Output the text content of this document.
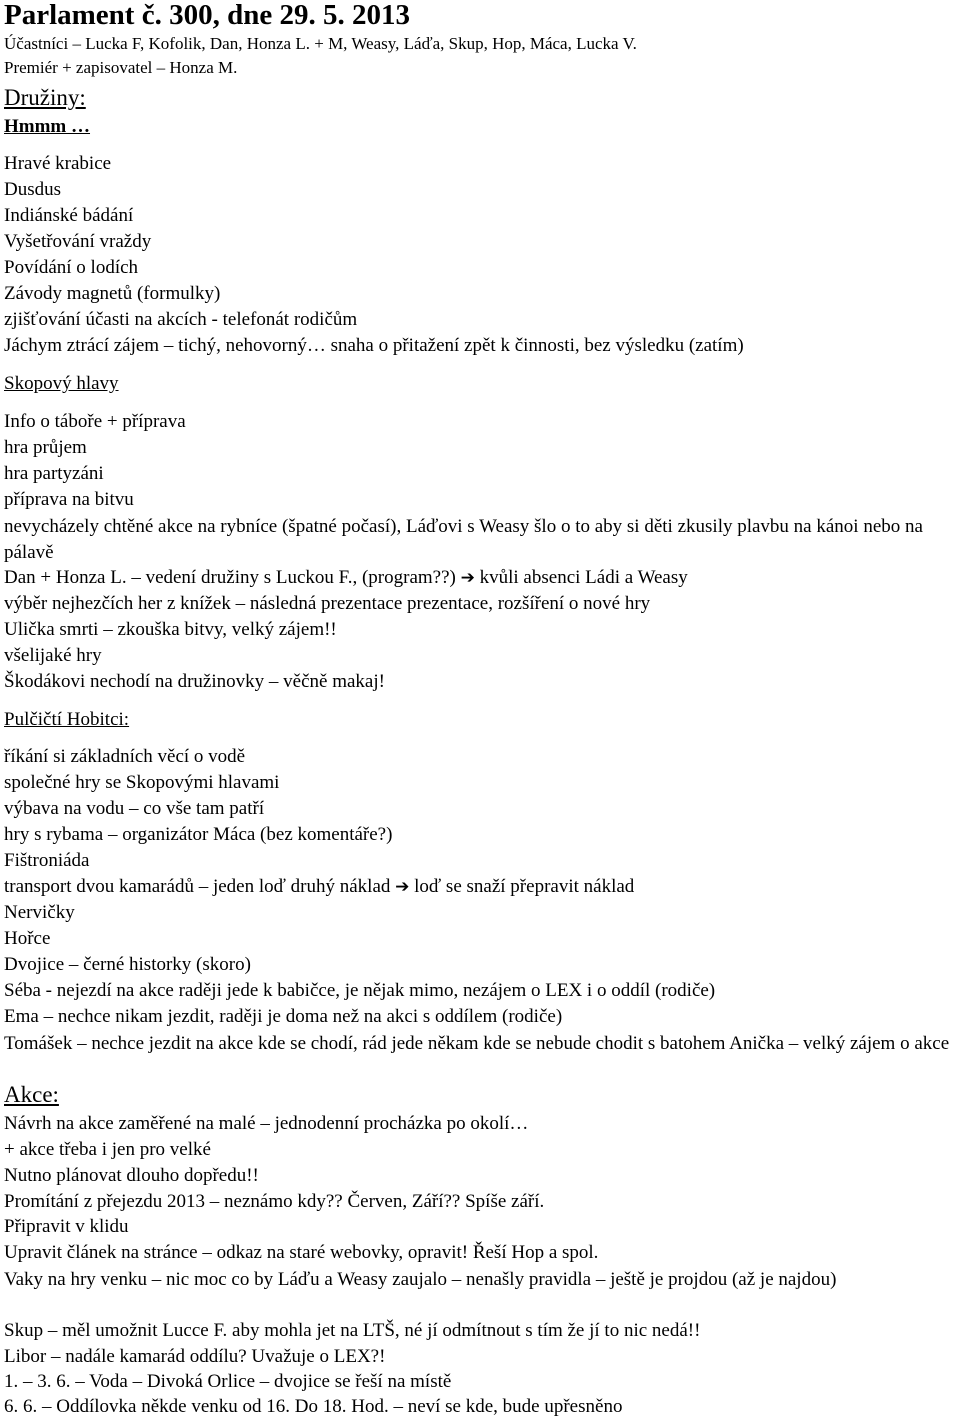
Parlament č. 300, dne 29. 5. 2013
Účastníci – Lucka F, Kofolik, Dan, Honza L. + M, Weasy, Láďa, Skup, Hop, Máca, Lucka V.
Premiér + zapisovatel – Honza M.
Družiny:
Hmmm …
Hravé krabice
Dusdus
Indiánské bádání
Vyšetřování vraždy
Povídání o lodích
Závody magnetů (formulky)
zjišťování účasti na akcích - telefonát rodičům
Jáchym ztrácí zájem – tichý, nehovorný… snaha o přitažení zpět k činnosti, bez výsledku (zatím)
Skopový hlavy
Info o táboře + příprava
hra průjem
hra partyzáni
příprava na bitvu
nevycházely chtěné akce na rybníce (špatné počasí), Láďovi s Weasy šlo o to aby si děti zkusily plavbu na kánoi nebo na pálavě
Dan + Honza L. – vedení družiny s Luckou F., (program??) ➔ kvůli absenci Ládi a Weasy
výběr nejhezčích her z knížek – následná prezentace prezentace, rozšíření o nové hry
Ulička smrti – zkouška bitvy, velký zájem!!
všelijaké hry
Škodákovi nechodí na družinovky – věčně makaj!
Pulčičtí Hobitci:
říkání si základních věcí o vodě
společné hry se Skopovými hlavami
výbava na vodu – co vše tam patří
hry s rybama – organizátor Máca (bez komentáře?)
Fištroniáda
transport dvou kamarádů – jeden loď druhý náklad ➔ loď se snaží přepravit náklad
Nervičky
Hořce
Dvojice – černé historky (skoro)
Séba - nejezdí na akce raději jede k babičce, je nějak mimo, nezájem o LEX i o oddíl (rodiče)
Ema – nechce nikam jezdit, raději je doma než na akci s oddílem (rodiče)
Tomášek – nechce jezdit na akce kde se chodí, rád jede někam kde se nebude chodit s batohem Anička – velký zájem o akce
Akce:
Návrh na akce zaměřené na malé – jednodenní procházka po okolí…
+ akce třeba i jen pro velké
Nutno plánovat dlouho dopředu!!
Promítání z přejezdu 2013 – neznámo kdy?? Červen, Září?? Spíše září.
Připravit v klidu
Upravit článek na stránce – odkaz na staré webovky, opravit! Řeší Hop a spol.
Vaky na hry venku – nic moc co by Láďu a Weasy zaujalo – nenašly pravidla – ještě je projdou (až je najdou)
Skup – měl umožnit Lucce F. aby mohla jet na LTŠ, né jí odmítnout s tím že jí to nic nedá!!
Libor – nadále kamarád oddílu? Uvažuje o LEX?!
1. – 3. 6. – Voda – Divoká Orlice – dvojice se řeší na místě
6. 6. – Oddílovka někde venku od 16. Do 18. Hod. – neví se kde, bude upřesněno
